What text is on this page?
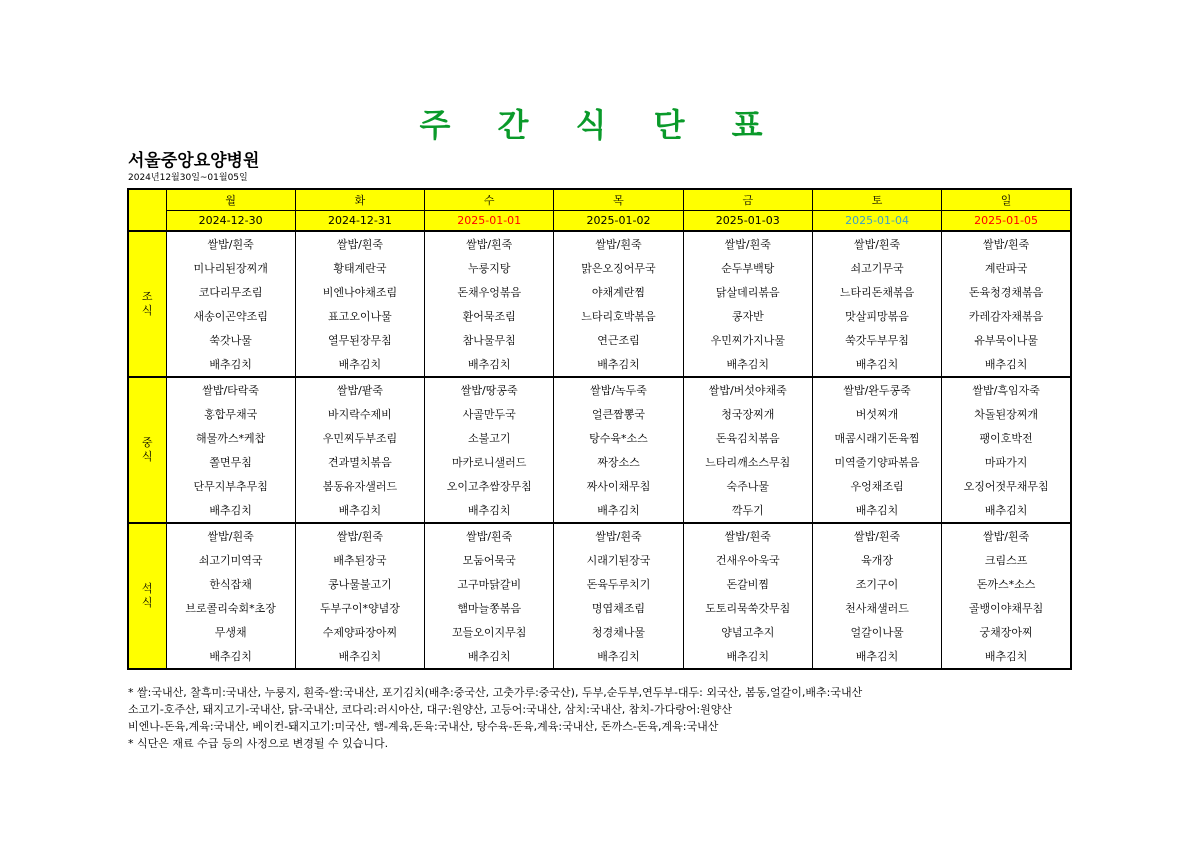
주 간 식 단 표
서울중앙요양병원
2024년12월30일~01월05일
	월	화	수	목	금	토	일
	2024-12-30	2024-12-31	2025-01-01	2025-01-02	2025-01-03	2025-01-04	2025-01-05
조
식	쌀밥/흰죽	쌀밥/흰죽	쌀밥/흰죽	쌀밥/흰죽	쌀밥/흰죽	쌀밥/흰죽	쌀밥/흰죽
	미나리된장찌개	황태계란국	누룽지탕	맑은오징어무국	순두부백탕	쇠고기무국	계란파국
	코다리무조림	비엔나야채조림	돈채우엉볶음	야채계란찜	닭살데리볶음	느타리돈채볶음	돈육청경채볶음
	새송이곤약조림	표고오이나물	환어묵조림	느타리호박볶음	콩자반	맛살피망볶음	카레감자채볶음
	쑥갓나물	열무된장무침	참나물무침	연근조림	우민찌가지나물	쑥갓두부무침	유부묵이나물
	배추김치	배추김치	배추김치	배추김치	배추김치	배추김치	배추김치
중
식	쌀밥/타락죽	쌀밥/팥죽	쌀밥/땅콩죽	쌀밥/녹두죽	쌀밥/버섯야채죽	쌀밥/완두콩죽	쌀밥/흑임자죽
	홍합무채국	바지락수제비	사골만두국	얼큰짬뽕국	청국장찌개	버섯찌개	차돌된장찌개
	해물까스*케찹	우민찌두부조림	소불고기	탕수육*소스	돈육김치볶음	매콤시래기돈육찜	팽이호박전
	쫄면무침	견과멸치볶음	마카로니샐러드	짜장소스	느타리깨소스무침	미역줄기양파볶음	마파가지
	단무지부추무침	봄동유자샐러드	오이고추쌈장무침	짜사이채무침	숙주나물	우엉채조림	오징어젓무채무침
	배추김치	배추김치	배추김치	배추김치	깍두기	배추김치	배추김치
석
식	쌀밥/흰죽	쌀밥/흰죽	쌀밥/흰죽	쌀밥/흰죽	쌀밥/흰죽	쌀밥/흰죽	쌀밥/흰죽
	쇠고기미역국	배추된장국	모둠어묵국	시래기된장국	건새우아욱국	육개장	크림스프
	한식잡채	콩나물불고기	고구마닭갈비	돈육두루치기	돈갈비찜	조기구이	돈까스*소스
	브로콜리숙회*초장	두부구이*양념장	햄마늘쫑볶음	명엽채조림	도토리묵쑥갓무침	천사채샐러드	골뱅이야채무침
	무생채	수제양파장아찌	꼬들오이지무침	청경채나물	양념고추지	얼갈이나물	궁채장아찌
	배추김치	배추김치	배추김치	배추김치	배추김치	배추김치	배추김치
* 쌀:국내산, 찰흑미:국내산, 누룽지, 흰죽-쌀:국내산, 포기김치(배추:중국산, 고춧가루:중국산), 두부,순두부,연두부-대두: 외국산, 봄동,얼갈이,배추:국내산
소고기-호주산, 돼지고기-국내산, 닭-국내산, 코다리:러시아산, 대구:원양산, 고등어:국내산, 삼치:국내산, 참치-가다랑어:원양산
비엔나-돈육,계육:국내산, 베이컨-돼지고기:미국산, 햄-계육,돈육:국내산, 탕수육-돈육,계육:국내산, 돈까스-돈육,계육:국내산
* 식단은 재료 수급 등의 사정으로 변경될 수 있습니다.
